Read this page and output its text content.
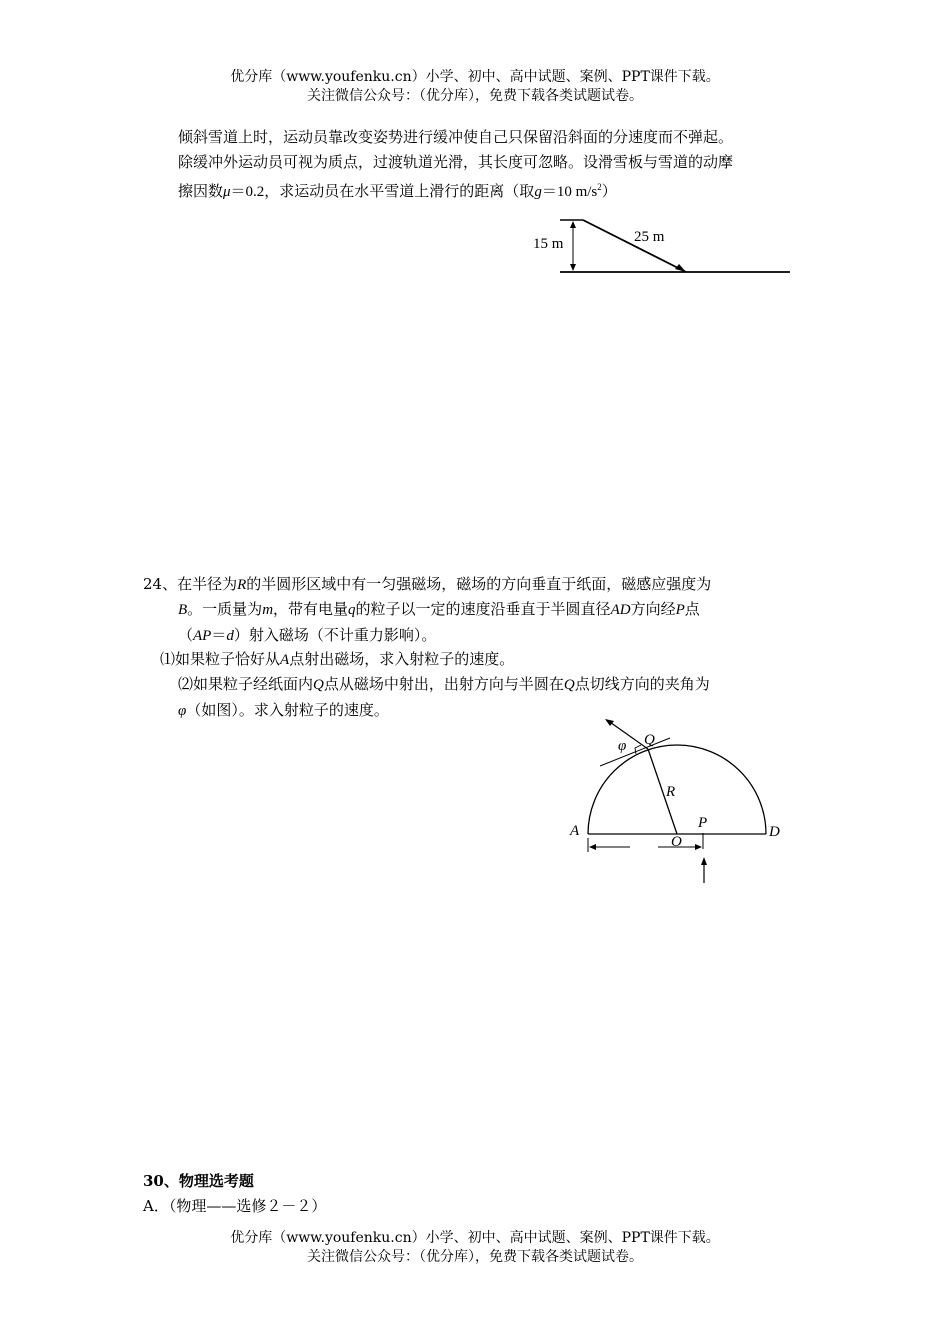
优分库（www.youfenku.cn）小学、初中、高中试题、案例、PPT课件下载。
关注微信公众号：（优分库），免费下载各类试题试卷。
倾斜雪道上时，运动员靠改变姿势进行缓冲使自己只保留沿斜面的分速度而不弹起。
除缓冲外运动员可视为质点，过渡轨道光滑，其长度可忽略。设滑雪板与雪道的动摩
擦因数μ＝0.2，求运动员在水平雪道上滑行的距离（取g＝10 $m/s^2$）
15 m	25 m
24、在半径为R的半圆形区域中有一匀强磁场，磁场的方向垂直于纸面，磁感应强度为
B。一质量为m，带有电量q的粒子以一定的速度沿垂直于半圆直径AD方向经P点
（AP＝d）射入磁场（不计重力影响）。
⑴如果粒子恰好从A点射出磁场，求入射粒子的速度。
⑵如果粒子经纸面内Q点从磁场中射出，出射方向与半圆在Q点切线方向的夹角为
φ（如图）。求入射粒子的速度。
φ Q
R
A
O
P
D
30、物理选考题
A．（物理——选修２－２）
优分库（www.youfenku.cn）小学、初中、高中试题、案例、PPT课件下载。
关注微信公众号：（优分库），免费下载各类试题试卷。
